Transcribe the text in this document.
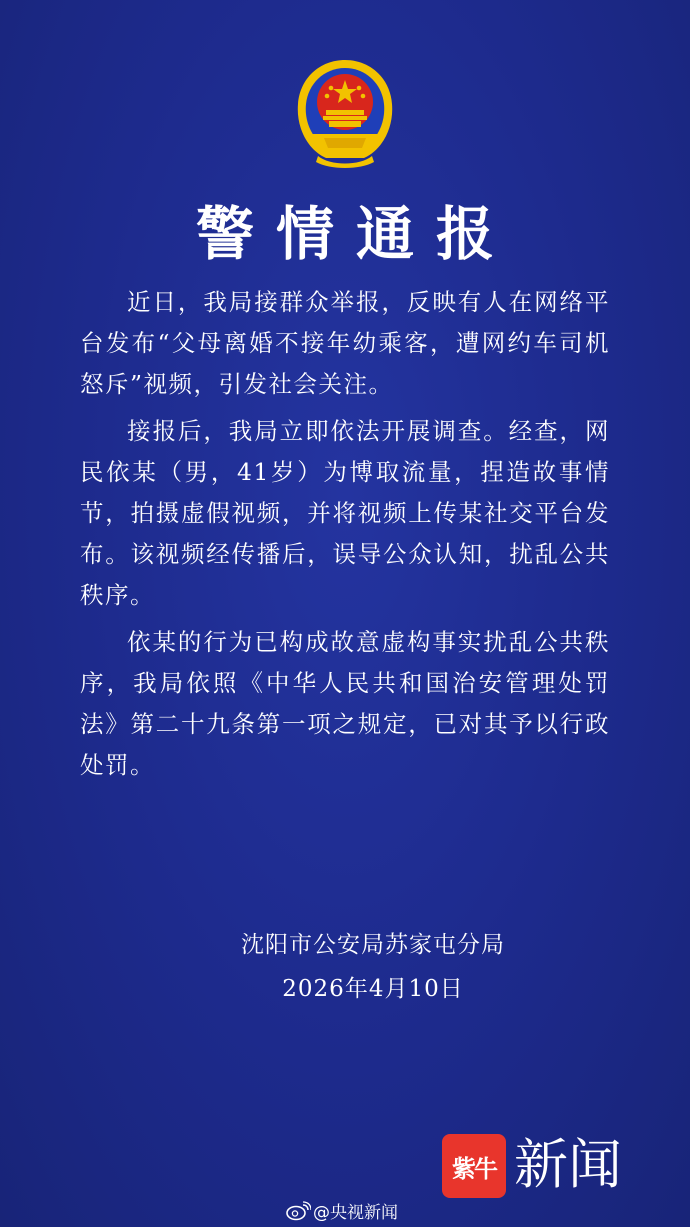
警情通报

近日，我局接群众举报，反映有人在网络平台发布“父母离婚不接年幼乘客，遭网约车司机怒斥”视频，引发社会关注。

接报后，我局立即依法开展调查。经查，网民依某（男，41岁）为博取流量，捏造故事情节，拍摄虚假视频，并将视频上传某社交平台发布。该视频经传播后，误导公众认知，扰乱公共秩序。

依某的行为已构成故意虚构事实扰乱公共秩序，我局依照《中华人民共和国治安管理处罚法》第二十九条第一项之规定，已对其予以行政处罚。

沈阳市公安局苏家屯分局
2026年4月10日
紫牛 新闻
@央视新闻
